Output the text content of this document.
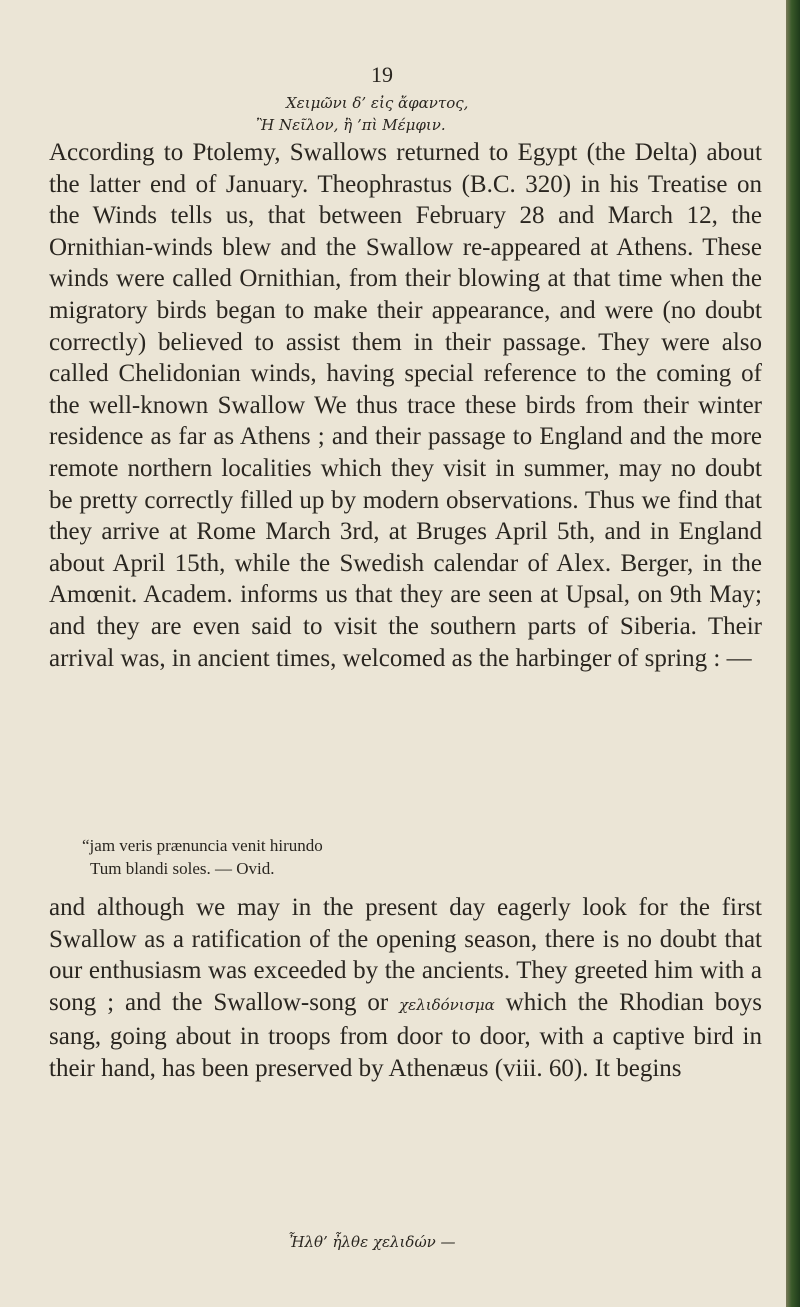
19
Χειμῶνι δ’ εἰς ἄφαντος,
Ἢ Νεῖλον, ἢ ’πὶ Μέμφιν.

According to Ptolemy, Swallows returned to Egypt (the Delta) about the latter end of January. Theophrastus (B.C. 320) in his Treatise on the Winds tells us, that between February 28 and March 12, the Ornithian-winds blew and the Swallow re-appeared at Athens. These winds were called Ornithian, from their blowing at that time when the migratory birds began to make their appearance, and were (no doubt correctly) believed to assist them in their passage. They were also called Chelidonian winds, having special reference to the coming of the well-known Swallow We thus trace these birds from their winter residence as far as Athens ; and their passage to England and the more remote northern localities which they visit in summer, may no doubt be pretty correctly filled up by modern observations. Thus we find that they arrive at Rome March 3rd, at Bruges April 5th, and in England about April 15th, while the Swedish calendar of Alex. Berger, in the Amœnit. Academ. informs us that they are seen at Upsal, on 9th May; and they are even said to visit the southern parts of Siberia. Their arrival was, in ancient times, welcomed as the harbinger of spring : —

“jam veris prænuncia venit hirundo
Tum blandi soles. — Ovid.

and although we may in the present day eagerly look for the first Swallow as a ratification of the opening season, there is no doubt that our enthusiasm was exceeded by the ancients. They greeted him with a song ; and the Swallow-song or χελιδόνισμα which the Rhodian boys sang, going about in troops from door to door, with a captive bird in their hand, has been preserved by Athenæus (viii. 60). It begins

Ἦλθ’ ἦλθε χελιδών —
